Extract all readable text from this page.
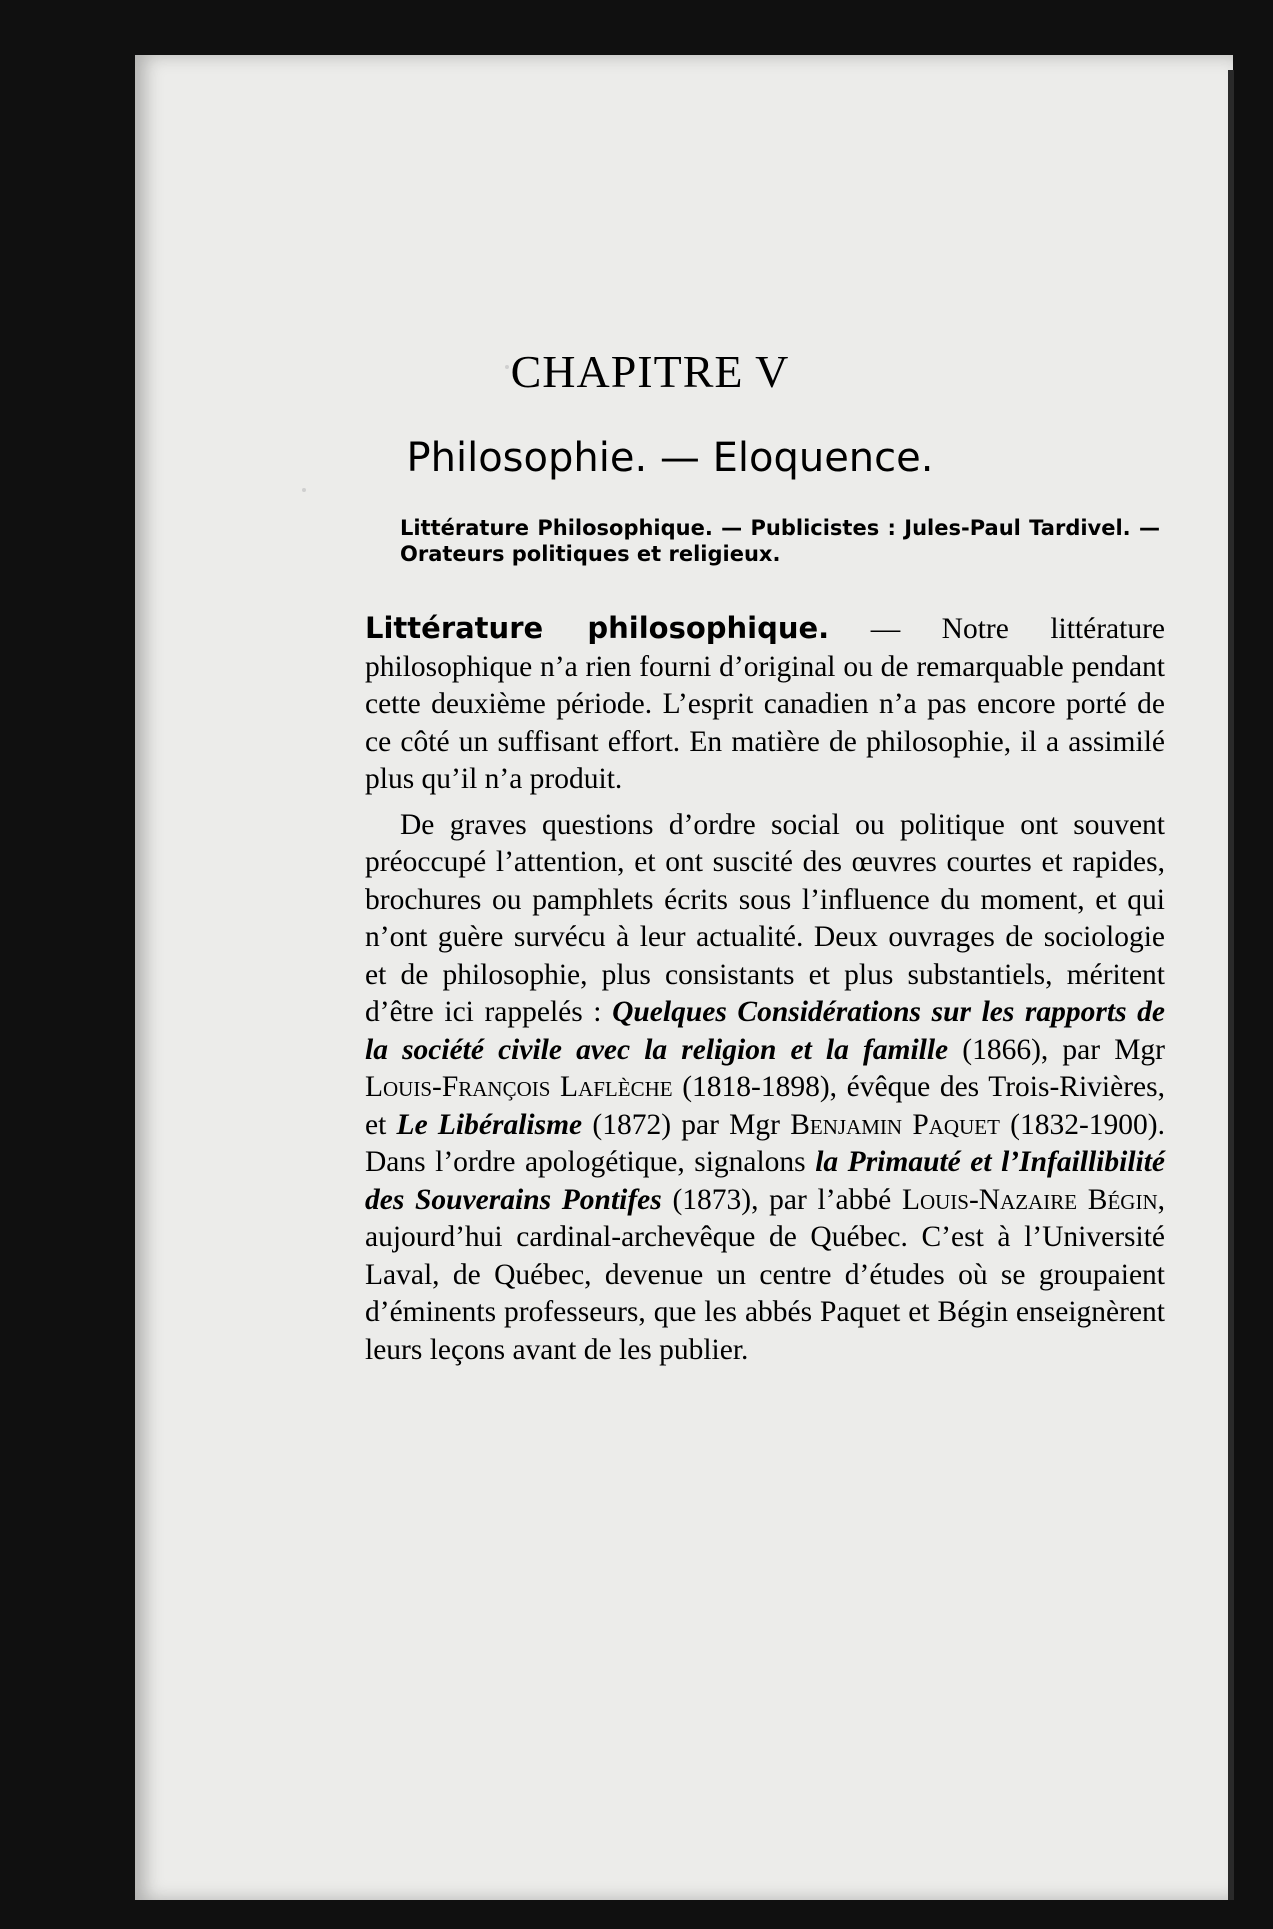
CHAPITRE V
Philosophie. — Eloquence.
Littérature Philosophique. — Publicistes : Jules-Paul Tardivel. — Orateurs politiques et religieux.

Littérature philosophique. — Notre littérature philosophique n’a rien fourni d’original ou de remarquable pendant cette deuxième période. L’esprit canadien n’a pas encore porté de ce côté un suffisant effort. En matière de philosophie, il a assimilé plus qu’il n’a produit.

De graves questions d’ordre social ou politique ont souvent préoccupé l’attention, et ont suscité des œuvres courtes et rapides, brochures ou pamphlets écrits sous l’influence du moment, et qui n’ont guère survécu à leur actualité. Deux ouvrages de sociologie et de philosophie, plus consistants et plus substantiels, méritent d’être ici rappelés : Quelques Considérations sur les rapports de la société civile avec la religion et la famille (1866), par Mgr Louis-François Laflèche (1818-1898), évêque des Trois-Rivières, et Le Libéralisme (1872) par Mgr Benjamin Paquet (1832-1900). Dans l’ordre apologétique, signalons la Primauté et l’Infaillibilité des Souverains Pontifes (1873), par l’abbé Louis-Nazaire Bégin, aujourd’hui cardinal-archevêque de Québec. C’est à l’Université Laval, de Québec, devenue un centre d’études où se groupaient d’éminents professeurs, que les abbés Paquet et Bégin enseignèrent leurs leçons avant de les publier.
